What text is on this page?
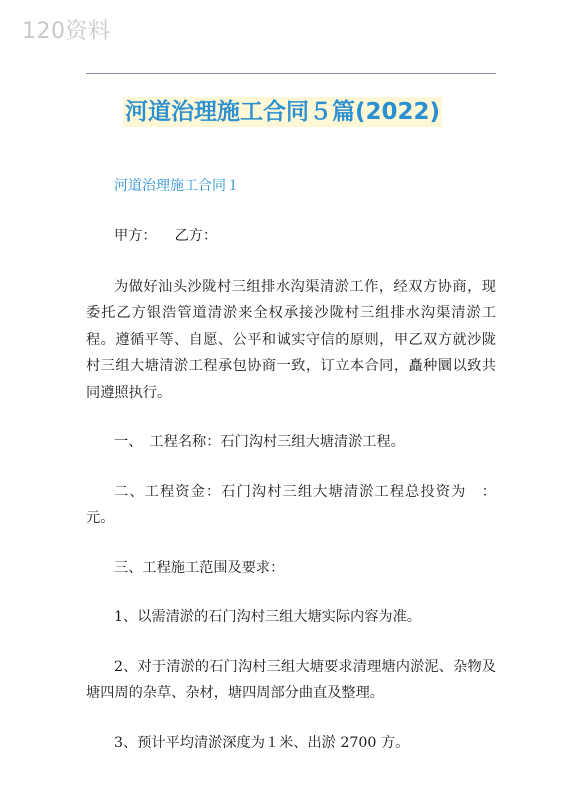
120资料
河道治理施工合同５篇(2022)
河道治理施工合同１

甲方： 乙方：

为做好汕头沙陇村三组排水沟渠清淤工作，经双方协商，现委托乙方银浩管道清淤来全权承接沙陇村三组排水沟渠清淤工程。遵循平等、自愿、公平和诚实守信的原则，甲乙双方就沙陇村三组大塘清淤工程承包协商一致，订立本合同，矗种圜以致共同遵照执行。

一、　工程名称：石门沟村三组大塘清淤工程。

二、工程资金：石门沟村三组大塘清淤工程总投资为　：元。

三、工程施工范围及要求：

1、以需清淤的石门沟村三组大塘实际内容为准。

2、对于清淤的石门沟村三组大塘要求清理塘内淤泥、杂物及塘四周的杂草、杂材，塘四周部分曲直及整理。

3、预计平均清淤深度为１米、出淤 2700 方。
